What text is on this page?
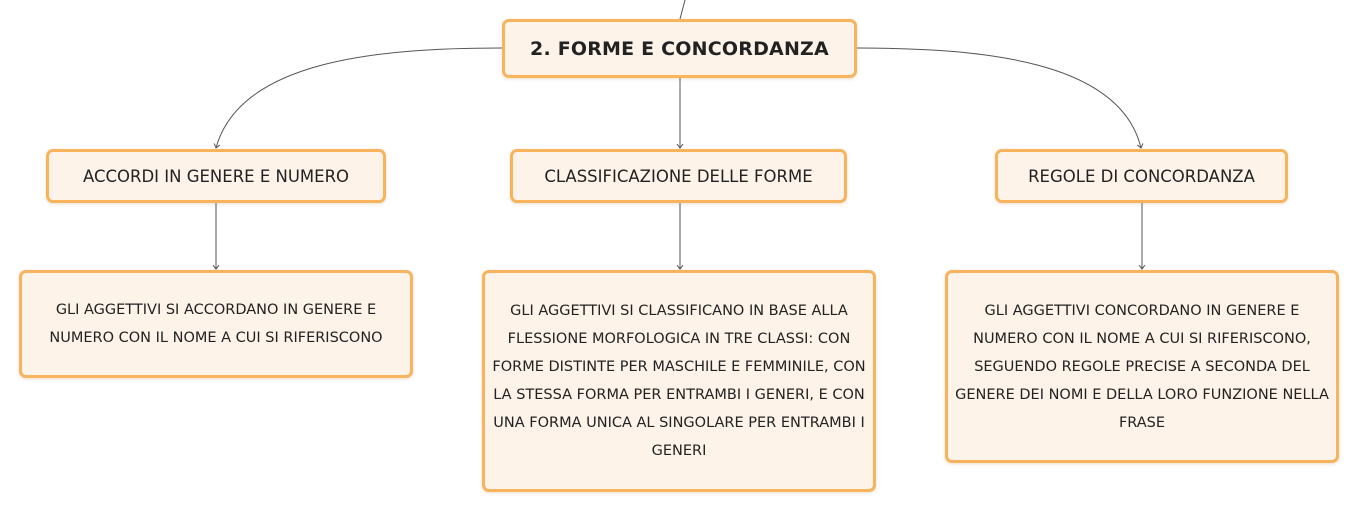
2. FORME E CONCORDANZA
ACCORDI IN GENERE E NUMERO	CLASSIFICAZIONE DELLE FORME	REGOLE DI CONCORDANZA
GLI AGGETTIVI SI ACCORDANO IN GENERE E NUMERO CON IL NOME A CUI SI RIFERISCONO
GLI AGGETTIVI SI CLASSIFICANO IN BASE ALLA FLESSIONE MORFOLOGICA IN TRE CLASSI: CON FORME DISTINTE PER MASCHILE E FEMMINILE, CON LA STESSA FORMA PER ENTRAMBI I GENERI, E CON UNA FORMA UNICA AL SINGOLARE PER ENTRAMBI I GENERI
GLI AGGETTIVI CONCORDANO IN GENERE E NUMERO CON IL NOME A CUI SI RIFERISCONO, SEGUENDO REGOLE PRECISE A SECONDA DEL GENERE DEI NOMI E DELLA LORO FUNZIONE NELLA FRASE
